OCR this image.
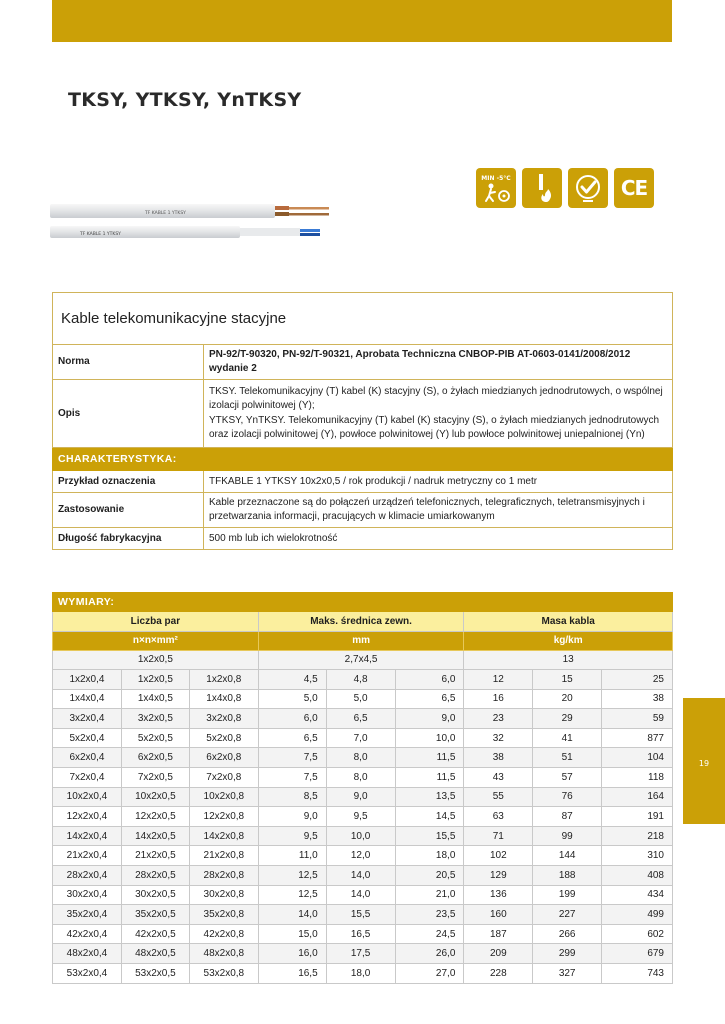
TKSY, YTKSY, YnTKSY
TF KABLE 1 YTKSY
TF KABLE 1 YTKSY
MIN -5°C	CE
Kable telekomunikacyjne stacyjne	
Norma	PN-92/T-90320, PN-92/T-90321, Aprobata Techniczna CNBOP-PIB AT-0603-0141/2008/2012 wydanie 2
Opis	TKSY. Telekomunikacyjny (T) kabel (K) stacyjny (S), o żyłach miedzianych jednodrutowych, o wspólnej izolacji polwinitowej (Y);

YTKSY, YnTKSY. Telekomunikacyjny (T) kabel (K) stacyjny (S), o żyłach miedzianych jednodrutowych oraz izolacji polwinitowej (Y), powłoce polwinitowej (Y) lub powłoce polwinitowej uniepalnionej (Yn)

CHARAKTERYSTYKA:	
Przykład oznaczenia	TFKABLE 1 YTKSY 10x2x0,5 / rok produkcji / nadruk metryczny co 1 metr
Zastosowanie	Kable przeznaczone są do połączeń urządzeń telefonicznych, telegraficznych, teletransmisyjnych i przetwarzania informacji, pracujących w klimacie umiarkowanym
Długość fabrykacyjna	500 mb lub ich wielokrotność
WYMIARY:								
Liczba par			Maks. średnica zewn.			Masa kabla		
n×n×mm²			mm			kg/km		
1x2x0,5			2,7x4,5			13		
1x2x0,4	1x2x0,5	1x2x0,8	4,5	4,8	6,0	12	15	25
1x4x0,4	1x4x0,5	1x4x0,8	5,0	5,0	6,5	16	20	38
3x2x0,4	3x2x0,5	3x2x0,8	6,0	6,5	9,0	23	29	59
5x2x0,4	5x2x0,5	5x2x0,8	6,5	7,0	10,0	32	41	877
6x2x0,4	6x2x0,5	6x2x0,8	7,5	8,0	11,5	38	51	104
7x2x0,4	7x2x0,5	7x2x0,8	7,5	8,0	11,5	43	57	118
10x2x0,4	10x2x0,5	10x2x0,8	8,5	9,0	13,5	55	76	164
12x2x0,4	12x2x0,5	12x2x0,8	9,0	9,5	14,5	63	87	191
14x2x0,4	14x2x0,5	14x2x0,8	9,5	10,0	15,5	71	99	218
21x2x0,4	21x2x0,5	21x2x0,8	11,0	12,0	18,0	102	144	310
28x2x0,4	28x2x0,5	28x2x0,8	12,5	14,0	20,5	129	188	408
30x2x0,4	30x2x0,5	30x2x0,8	12,5	14,0	21,0	136	199	434
35x2x0,4	35x2x0,5	35x2x0,8	14,0	15,5	23,5	160	227	499
42x2x0,4	42x2x0,5	42x2x0,8	15,0	16,5	24,5	187	266	602
48x2x0,4	48x2x0,5	48x2x0,8	16,0	17,5	26,0	209	299	679
53x2x0,4	53x2x0,5	53x2x0,8	16,5	18,0	27,0	228	327	743
19
